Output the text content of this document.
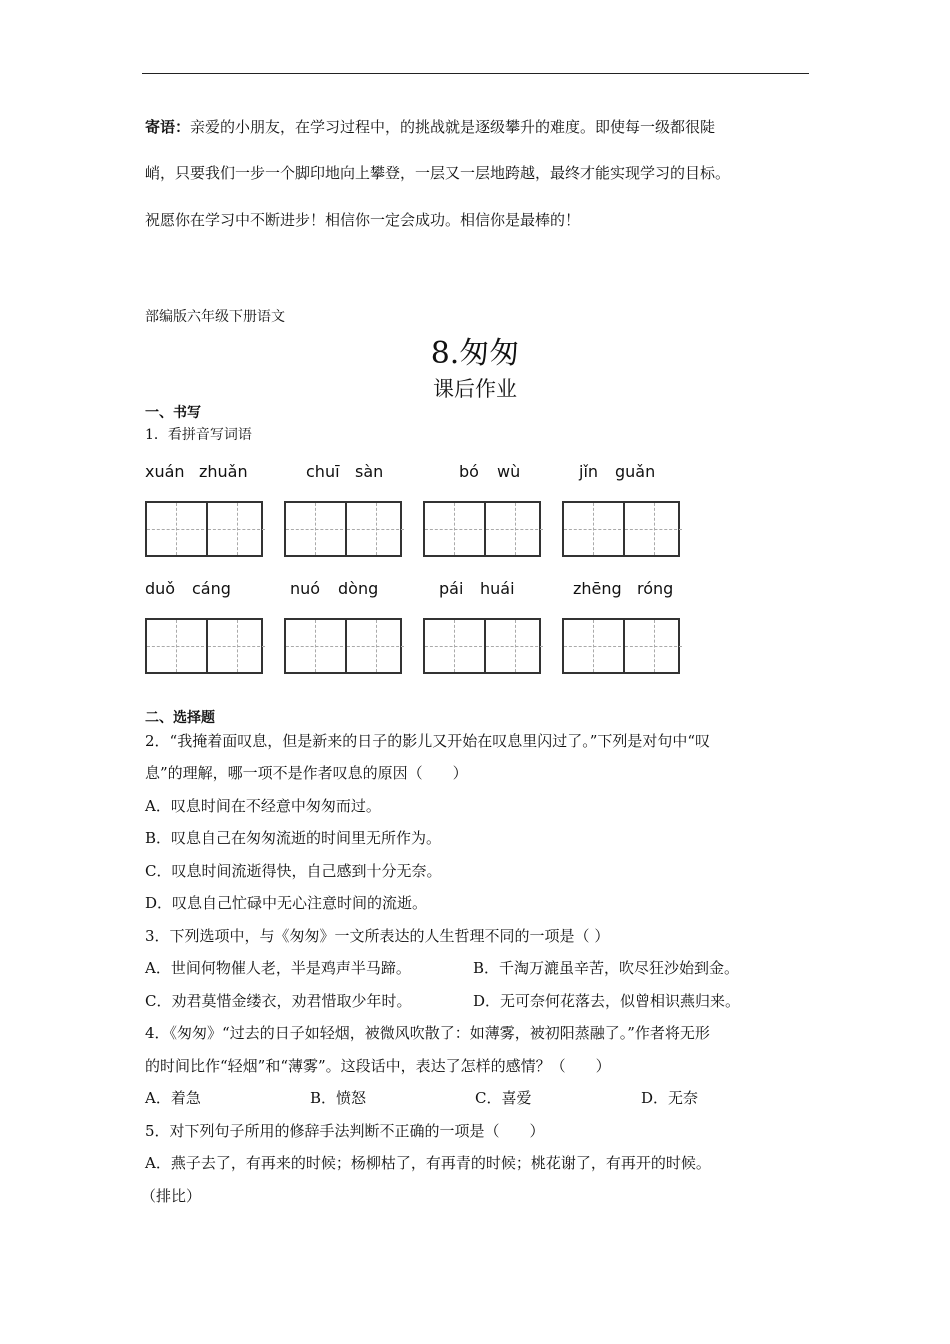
寄语：亲爱的小朋友，在学习过程中，的挑战就是逐级攀升的难度。即使每一级都很陡
峭，只要我们一步一个脚印地向上攀登，一层又一层地跨越，最终才能实现学习的目标。
祝愿你在学习中不断进步！相信你一定会成功。相信你是最棒的！
部编版六年级下册语文
8.匆匆
课后作业
一、书写
1．看拼音写词语
xuán zhuǎn	chuī sàn	bó wù	jǐn guǎn
duǒ cáng	nuó dòng	pái huái	zhēng róng
二、选择题
2．“我掩着面叹息，但是新来的日子的影儿又开始在叹息里闪过了。”下列是对句中“叹
息”的理解，哪一项不是作者叹息的原因（　　）
A．叹息时间在不经意中匆匆而过。
B．叹息自己在匆匆流逝的时间里无所作为。
C．叹息时间流逝得快，自己感到十分无奈。
D．叹息自己忙碌中无心注意时间的流逝。
3．下列选项中，与《匆匆》一文所表达的人生哲理不同的一项是（ ）
A．世间何物催人老，半是鸡声半马蹄。	B．千淘万漉虽辛苦，吹尽狂沙始到金。
C．劝君莫惜金缕衣，劝君惜取少年时。	D．无可奈何花落去，似曾相识燕归来。
4．《匆匆》“过去的日子如轻烟，被微风吹散了：如薄雾，被初阳蒸融了。”作者将无形
的时间比作“轻烟”和“薄雾”。这段话中，表达了怎样的感情？（　　）
A．着急	B．愤怒	C．喜爱	D．无奈
5．对下列句子所用的修辞手法判断不正确的一项是（　　）
A．燕子去了，有再来的时候；杨柳枯了，有再青的时候；桃花谢了，有再开的时候。
（排比）
